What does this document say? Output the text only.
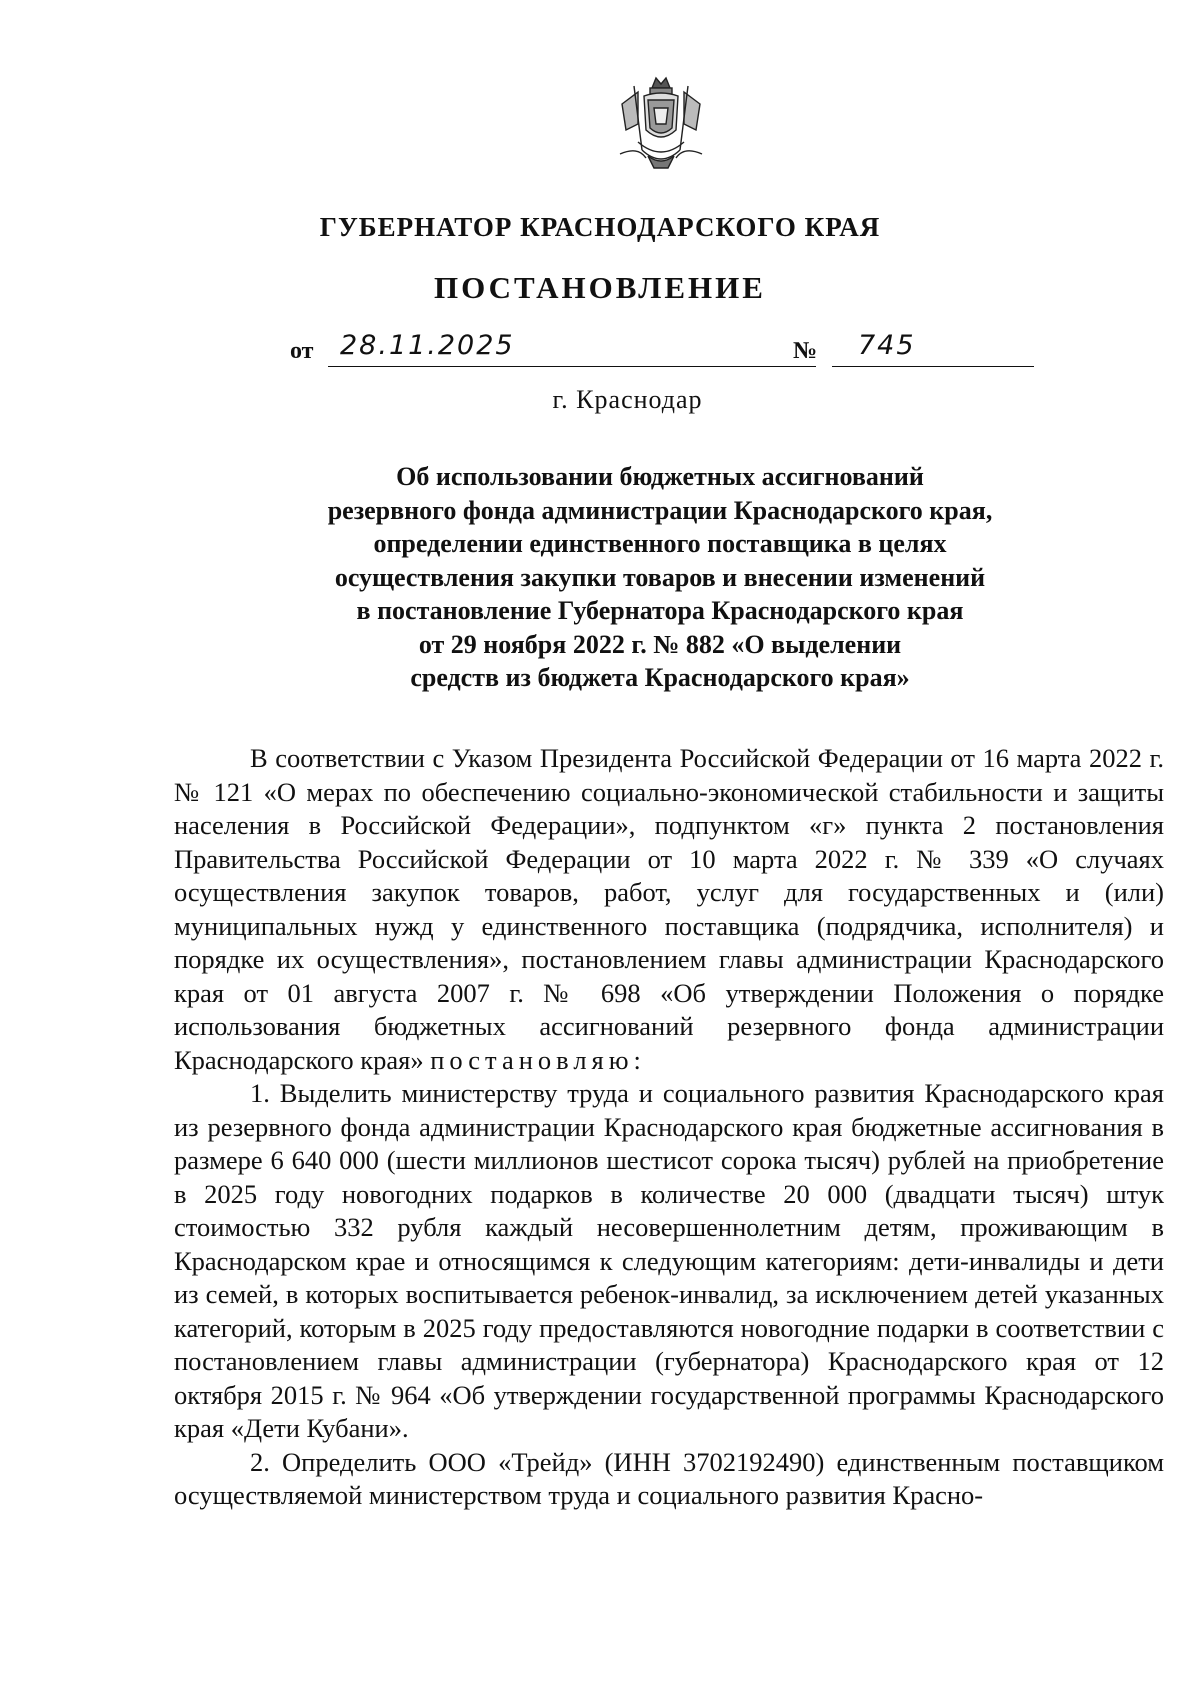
ГУБЕРНАТОР КРАСНОДАРСКОГО КРАЯ
ПОСТАНОВЛЕНИЕ
от 28.11.2025	№ 745
г. Краснодар
Об использовании бюджетных ассигнований
резервного фонда администрации Краснодарского края,
определении единственного поставщика в целях
осуществления закупки товаров и внесении изменений
в постановление Губернатора Краснодарского края
от 29 ноября 2022 г. № 882 «О выделении
средств из бюджета Краснодарского края»

В соответствии с Указом Президента Российской Федерации от 16 марта 2022 г. № 121 «О мерах по обеспечению социально-экономической стабильности и защиты населения в Российской Федерации», подпунктом «г» пункта 2 постановления Правительства Российской Федерации от 10 марта 2022 г. № 339 «О случаях осуществления закупок товаров, работ, услуг для государственных и (или) муниципальных нужд у единственного поставщика (подрядчика, исполнителя) и порядке их осуществления», постановлением главы администрации Краснодарского края от 01 августа 2007 г. № 698 «Об утверждении Положения о порядке использования бюджетных ассигнований резервного фонда администрации Краснодарского края» постановляю:

1. Выделить министерству труда и социального развития Краснодарского края из резервного фонда администрации Краснодарского края бюджетные ассигнования в размере 6 640 000 (шести миллионов шестисот сорока тысяч) рублей на приобретение в 2025 году новогодних подарков в количестве 20 000 (двадцати тысяч) штук стоимостью 332 рубля каждый несовершеннолетним детям, проживающим в Краснодарском крае и относящимся к следующим категориям: дети-инвалиды и дети из семей, в которых воспитывается ребенок-инвалид, за исключением детей указанных категорий, которым в 2025 году предоставляются новогодние подарки в соответствии с постановлением главы администрации (губернатора) Краснодарского края от 12 октября 2015 г. № 964 «Об утверждении государственной программы Краснодарского края «Дети Кубани».

2. Определить ООО «Трейд» (ИНН 3702192490) единственным поставщиком осуществляемой министерством труда и социального развития Красно-
